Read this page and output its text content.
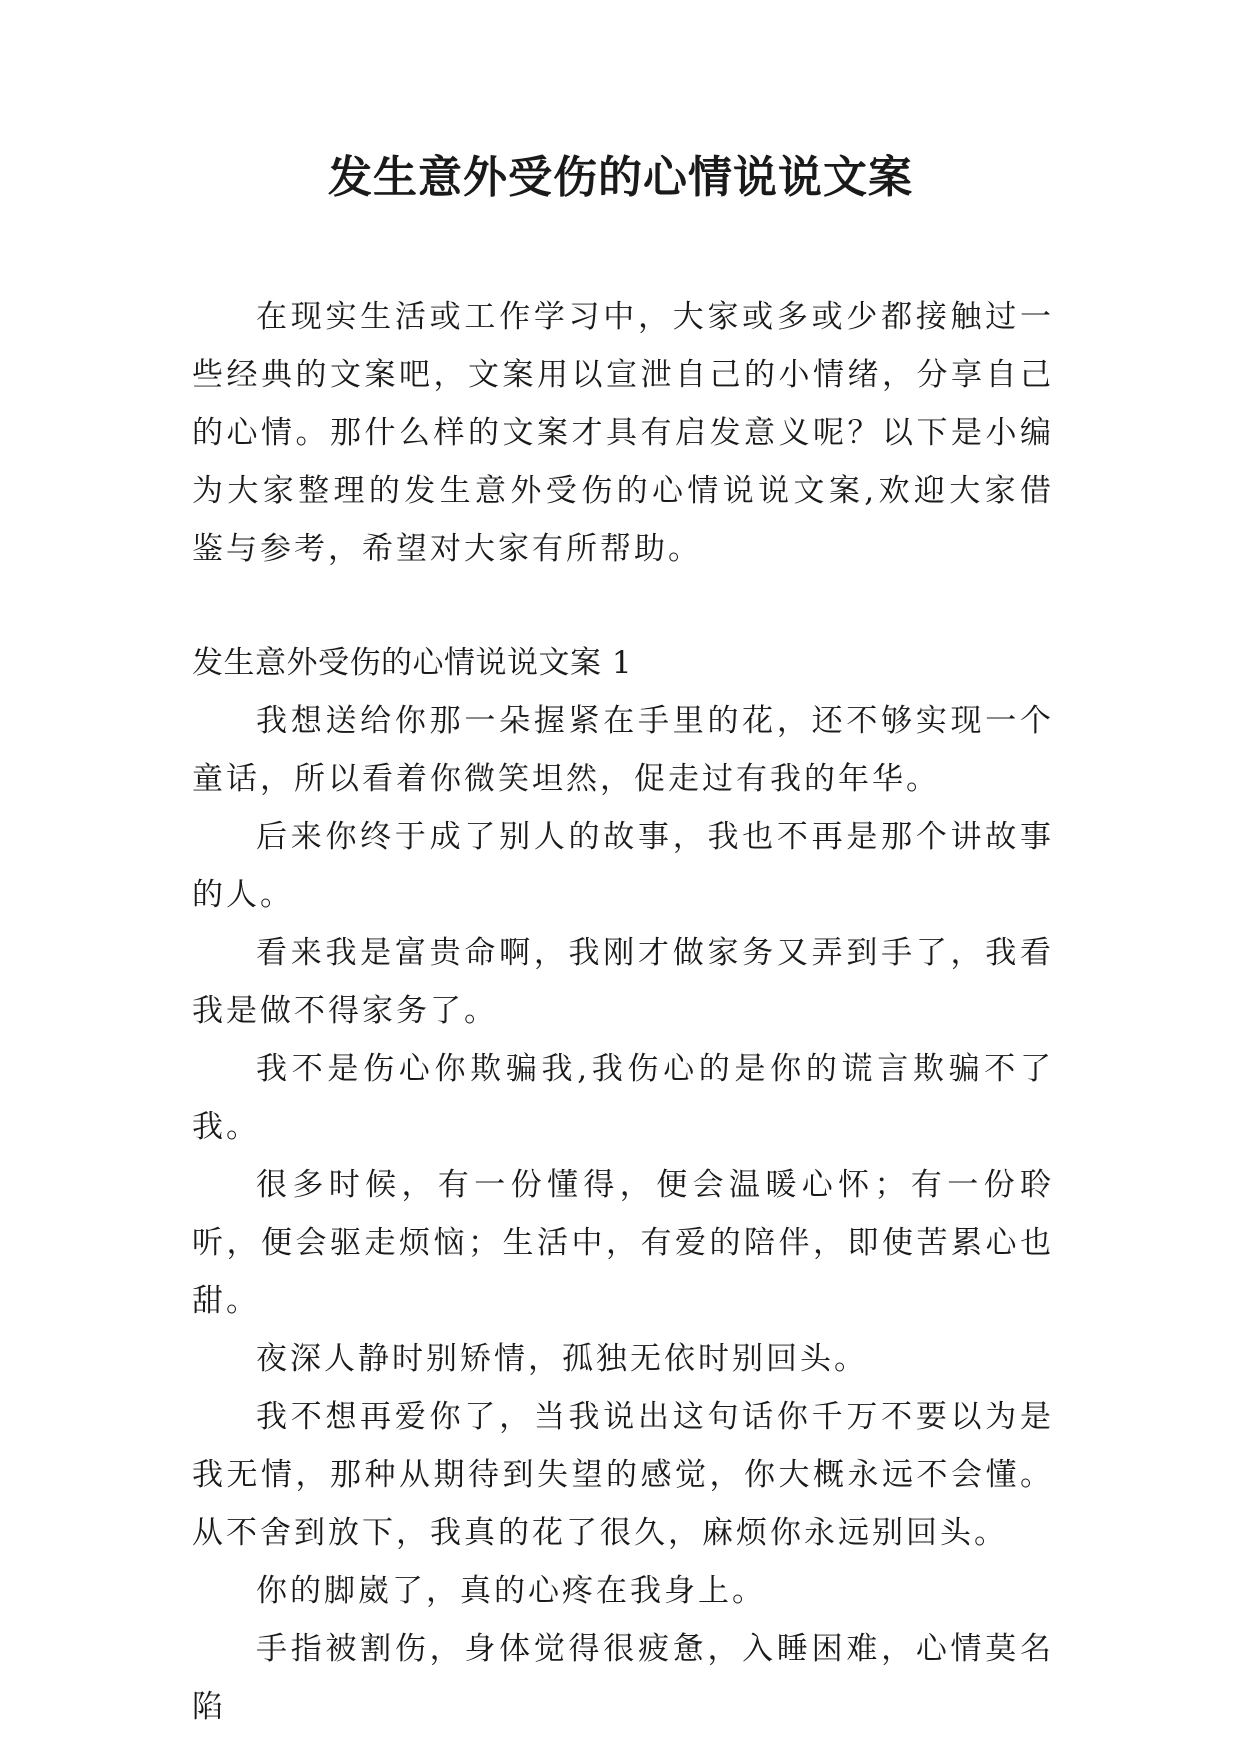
发生意外受伤的心情说说文案

在现实生活或工作学习中，大家或多或少都接触过一些经典的文案吧，文案用以宣泄自己的小情绪，分享自己的心情。那什么样的文案才具有启发意义呢？以下是小编为大家整理的发生意外受伤的心情说说文案,欢迎大家借鉴与参考，希望对大家有所帮助。

发生意外受伤的心情说说文案 1

我想送给你那一朵握紧在手里的花，还不够实现一个童话，所以看着你微笑坦然，促走过有我的年华。

后来你终于成了别人的故事，我也不再是那个讲故事的人。

看来我是富贵命啊，我刚才做家务又弄到手了，我看我是做不得家务了。

我不是伤心你欺骗我,我伤心的是你的谎言欺骗不了我。

很多时候，有一份懂得，便会温暖心怀；有一份聆听，便会驱走烦恼；生活中，有爱的陪伴，即使苦累心也甜。

夜深人静时别矫情，孤独无依时别回头。

我不想再爱你了，当我说出这句话你千万不要以为是我无情，那种从期待到失望的感觉，你大概永远不会懂。从不舍到放下，我真的花了很久，麻烦你永远别回头。

你的脚崴了，真的心疼在我身上。

手指被割伤，身体觉得很疲惫，入睡困难，心情莫名陷
